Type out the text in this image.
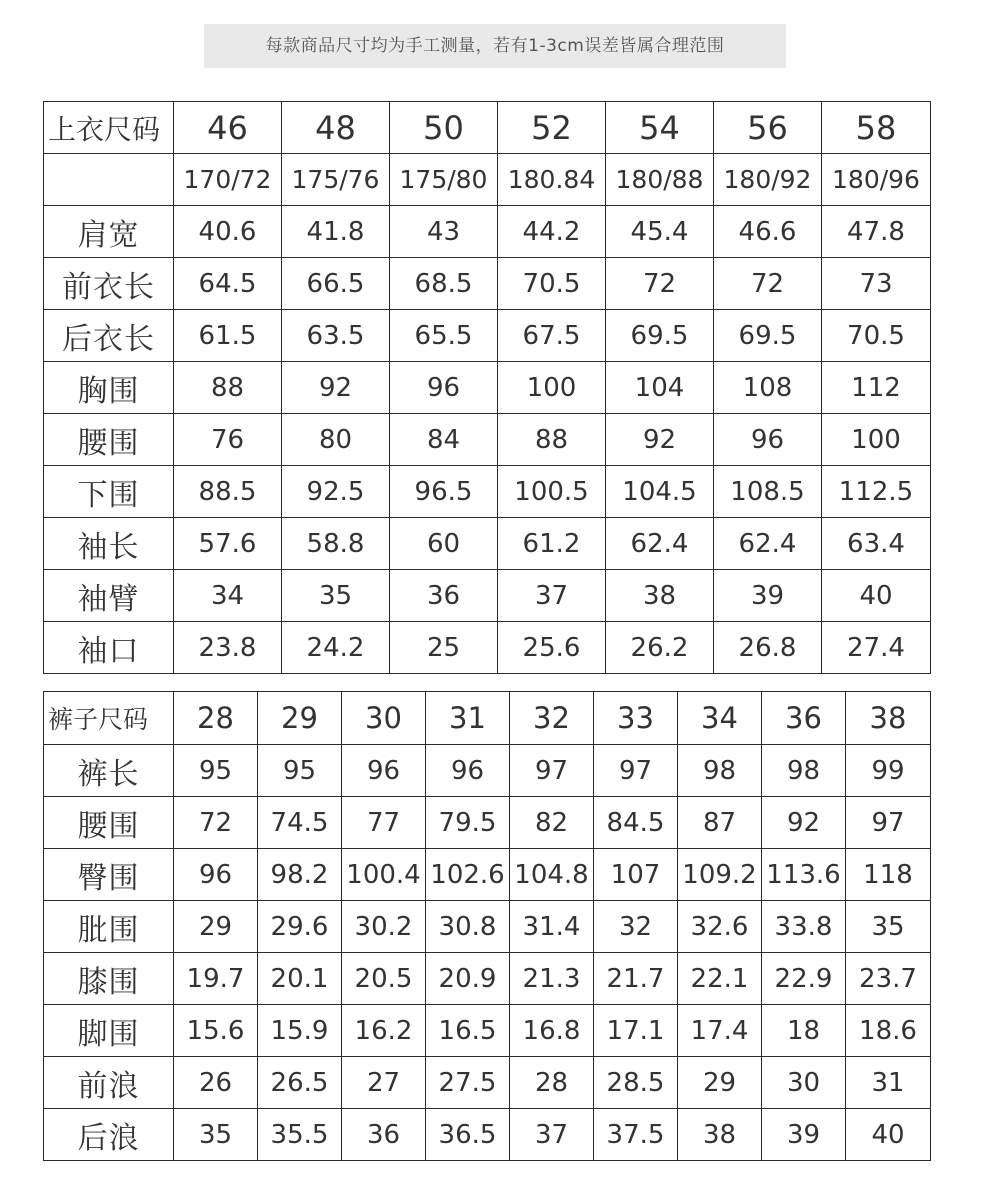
每款商品尺寸均为手工测量，若有1-3cm误差皆属合理范围
上衣尺码	46	48	50	52	54	56	58
	170/72	175/76	175/80	180.84	180/88	180/92	180/96
肩宽	40.6	41.8	43	44.2	45.4	46.6	47.8
前衣长	64.5	66.5	68.5	70.5	72	72	73
后衣长	61.5	63.5	65.5	67.5	69.5	69.5	70.5
胸围	88	92	96	100	104	108	112
腰围	76	80	84	88	92	96	100
下围	88.5	92.5	96.5	100.5	104.5	108.5	112.5
袖长	57.6	58.8	60	61.2	62.4	62.4	63.4
袖臂	34	35	36	37	38	39	40
袖口	23.8	24.2	25	25.6	26.2	26.8	27.4
裤子尺码	28	29	30	31	32	33	34	36	38
裤长	95	95	96	96	97	97	98	98	99
腰围	72	74.5	77	79.5	82	84.5	87	92	97
臀围	96	98.2	100.4	102.6	104.8	107	109.2	113.6	118
肶围	29	29.6	30.2	30.8	31.4	32	32.6	33.8	35
膝围	19.7	20.1	20.5	20.9	21.3	21.7	22.1	22.9	23.7
脚围	15.6	15.9	16.2	16.5	16.8	17.1	17.4	18	18.6
前浪	26	26.5	27	27.5	28	28.5	29	30	31
后浪	35	35.5	36	36.5	37	37.5	38	39	40
